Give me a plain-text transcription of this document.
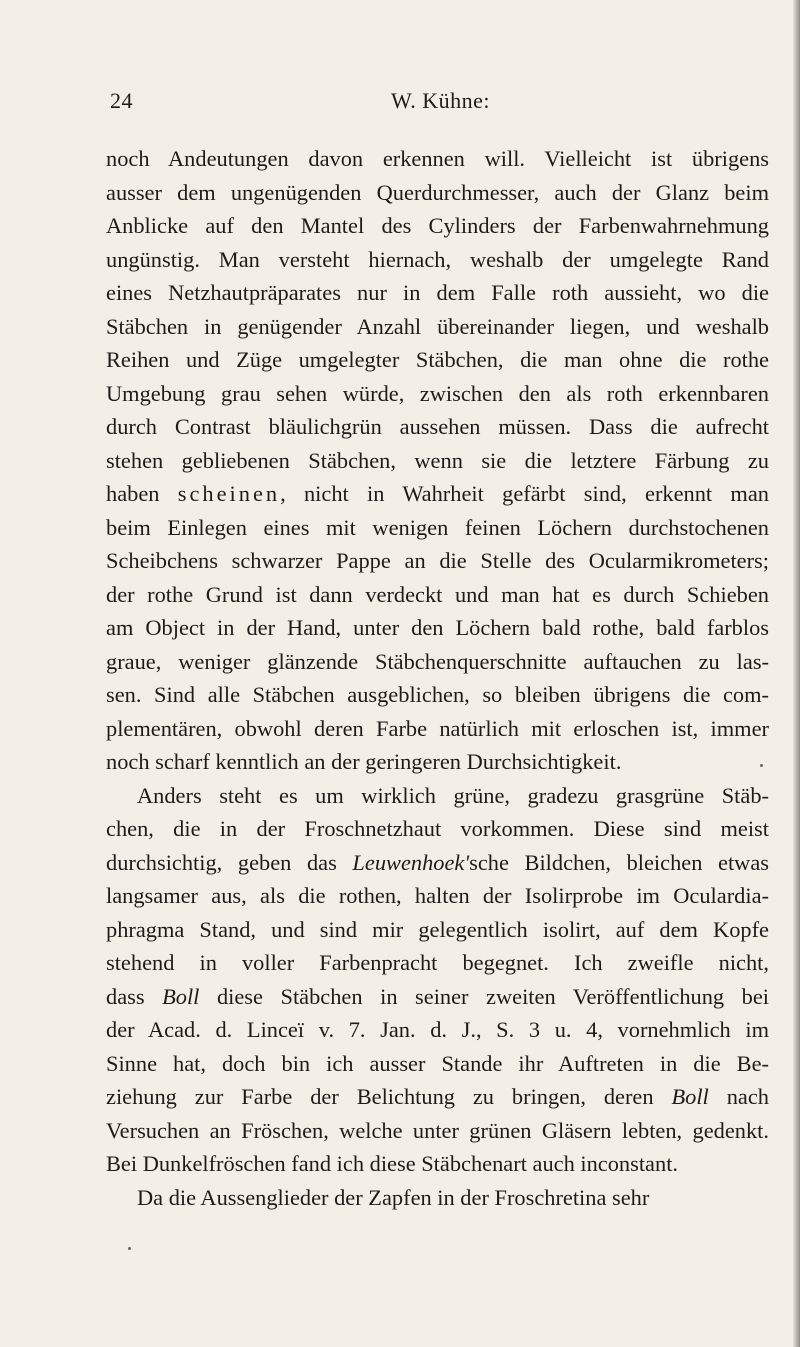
24	W. Kühne:
noch Andeutungen davon erkennen will. Vielleicht ist übrigens
ausser dem ungenügenden Querdurchmesser, auch der Glanz beim
Anblicke auf den Mantel des Cylinders der Farbenwahrnehmung
ungünstig. Man versteht hiernach, weshalb der umgelegte Rand
eines Netzhautpräparates nur in dem Falle roth aussieht, wo die
Stäbchen in genügender Anzahl übereinander liegen, und weshalb
Reihen und Züge umgelegter Stäbchen, die man ohne die rothe
Umgebung grau sehen würde, zwischen den als roth erkennbaren
durch Contrast bläulichgrün aussehen müssen. Dass die aufrecht
stehen gebliebenen Stäbchen, wenn sie die letztere Färbung zu
haben scheinen, nicht in Wahrheit gefärbt sind, erkennt man
beim Einlegen eines mit wenigen feinen Löchern durchstochenen
Scheibchens schwarzer Pappe an die Stelle des Ocularmikrometers;
der rothe Grund ist dann verdeckt und man hat es durch Schieben
am Object in der Hand, unter den Löchern bald rothe, bald farblos
graue, weniger glänzende Stäbchenquerschnitte auftauchen zu las-
sen. Sind alle Stäbchen ausgeblichen, so bleiben übrigens die com-
plementären, obwohl deren Farbe natürlich mit erloschen ist, immer
noch scharf kenntlich an der geringeren Durchsichtigkeit.
Anders steht es um wirklich grüne, gradezu grasgrüne Stäb-
chen, die in der Froschnetzhaut vorkommen. Diese sind meist
durchsichtig, geben das Leuwenhoek'sche Bildchen, bleichen etwas
langsamer aus, als die rothen, halten der Isolirprobe im Oculardia-
phragma Stand, und sind mir gelegentlich isolirt, auf dem Kopfe
stehend in voller Farbenpracht begegnet. Ich zweifle nicht,
dass Boll diese Stäbchen in seiner zweiten Veröffentlichung bei
der Acad. d. Linceï v. 7. Jan. d. J., S. 3 u. 4, vornehmlich im
Sinne hat, doch bin ich ausser Stande ihr Auftreten in die Be-
ziehung zur Farbe der Belichtung zu bringen, deren Boll nach
Versuchen an Fröschen, welche unter grünen Gläsern lebten, gedenkt.
Bei Dunkelfröschen fand ich diese Stäbchenart auch inconstant.
Da die Aussenglieder der Zapfen in der Froschretina sehr
